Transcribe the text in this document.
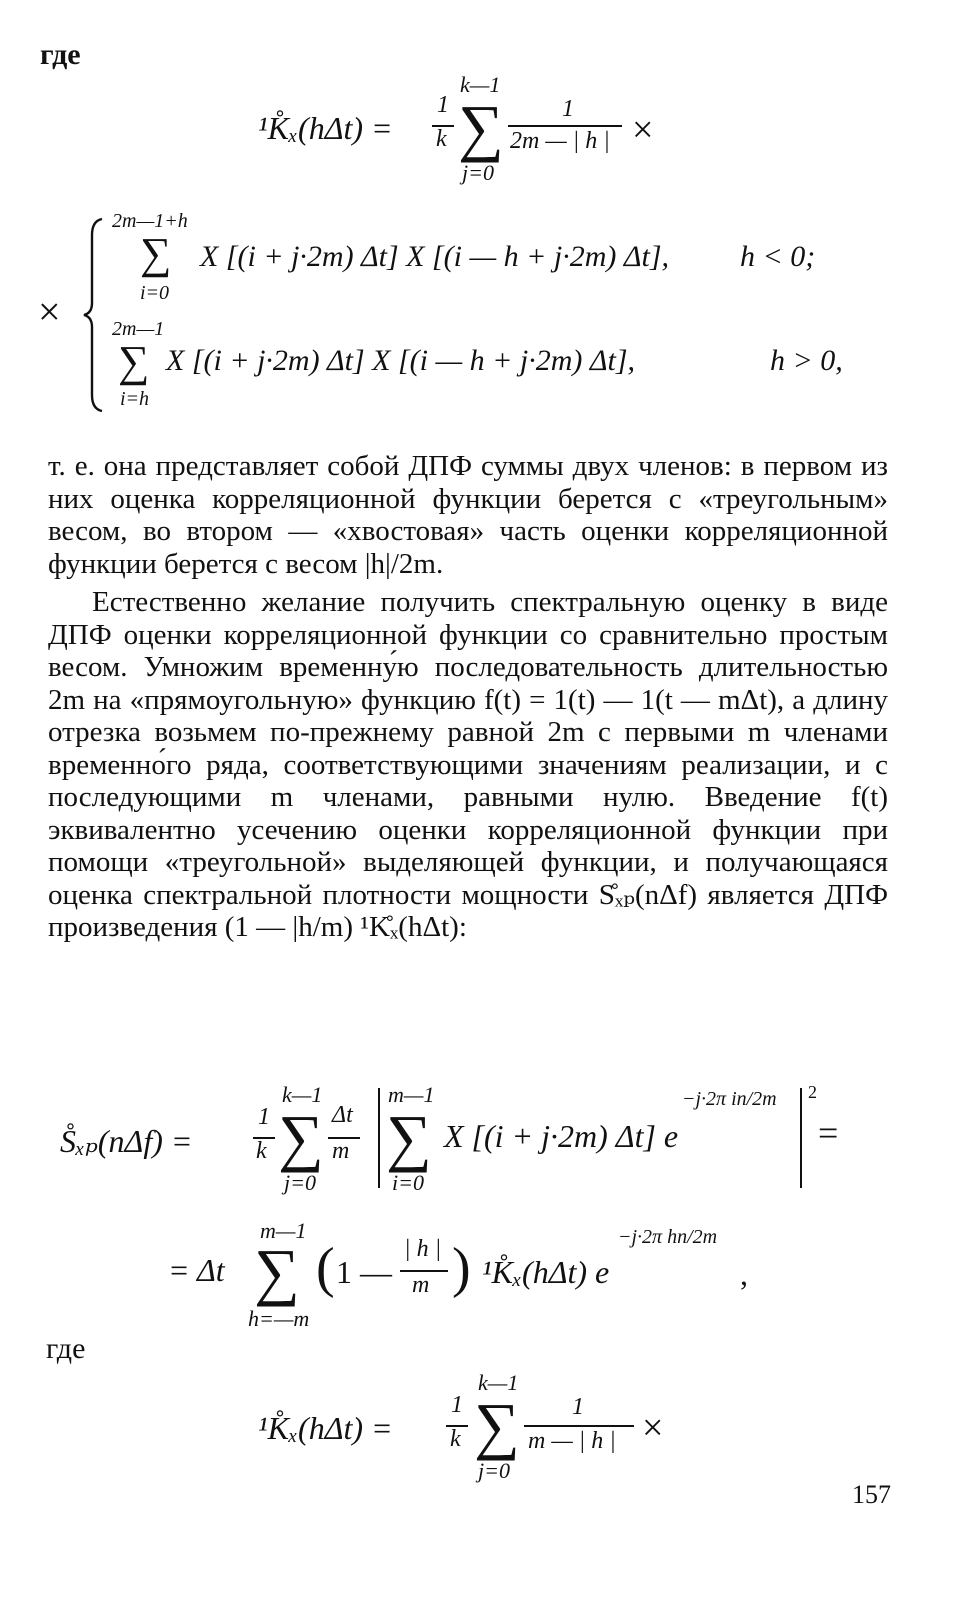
где
¹K̊ₓ(hΔt) =
1
k
k—1
∑
j=0
1
2m — | h | ×
×
2m—1+h
∑
i=0
X [(i + j·2m) Δt] X [(i — h + j·2m) Δt], h < 0;
2m—1
∑
i=h
X [(i + j·2m) Δt] X [(i — h + j·2m) Δt],	h > 0,

т. е. она представляет собой ДПФ суммы двух членов: в первом из них оценка корреляционной функции берется с «треугольным» весом, во втором — «хвостовая» часть оценки корреляционной функции берется с весом |h|/2m.

Естественно желание получить спектральную оценку в виде ДПФ оценки корреляционной функции со сравнительно простым весом. Умножим временну́ю последовательность длительностью 2m на «прямоугольную» функцию f(t) = 1(t) — 1(t — mΔt), а длину отрезка возьмем по-прежнему равной 2m с первыми m членами временно́го ряда, соответствующими значениям реализации, и с последующими m членами, равными нулю. Введение f(t) эквивалентно усечению оценки корреляционной функции при помощи «треугольной» выделяющей функции, и получающаяся оценка спектральной плотности мощности S̊ₓₚ(nΔf) является ДПФ произведения (1 — |h/m) ¹K̊ₓ(hΔt):

S̊ₓₚ(nΔf) =
1
k
k—1
∑
j=0
Δt
m
m—1
∑
i=0
X [(i + j·2m) Δt] e
−j·2π in/2m 2
=
= Δt
m—1
∑
h=—m
( 1 —
| h |
m ) ¹K̊ₓ(hΔt) e
−j·2π hn/2m
,
где
¹K̊ₓ(hΔt) =
1
k
k—1
∑
j=0
1
m — | h | ×
157
